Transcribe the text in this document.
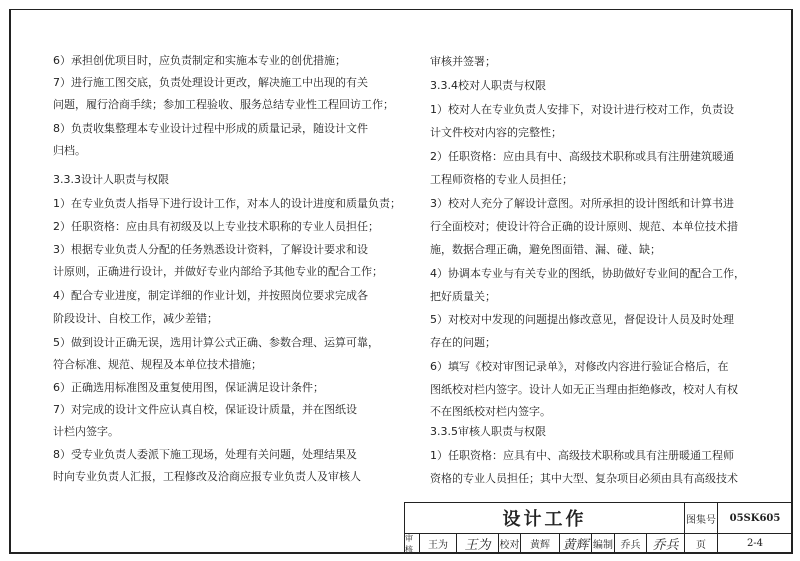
6）承担创优项目时，应负责制定和实施本专业的创优措施；
7）进行施工图交底，负责处理设计更改，解决施工中出现的有关
问题，履行洽商手续；参加工程验收、服务总结专业性工程回访工作；
8）负责收集整理本专业设计过程中形成的质量记录，随设计文件
归档。
3.3.3设计人职责与权限
1）在专业负责人指导下进行设计工作，对本人的设计进度和质量负责；
2）任职资格：应由具有初级及以上专业技术职称的专业人员担任；
3）根据专业负责人分配的任务熟悉设计资料，了解设计要求和设
计原则，正确进行设计，并做好专业内部给予其他专业的配合工作；
4）配合专业进度，制定详细的作业计划，并按照岗位要求完成各
阶段设计、自校工作，减少差错；
5）做到设计正确无误，选用计算公式正确、参数合理、运算可靠，
符合标准、规范、规程及本单位技术措施；
6）正确选用标准图及重复使用图，保证满足设计条件；
7）对完成的设计文件应认真自校，保证设计质量，并在图纸设
计栏内签字。
8）受专业负责人委派下施工现场，处理有关问题，处理结果及
时向专业负责人汇报，工程修改及洽商应报专业负责人及审核人
审核并签署；
3.3.4校对人职责与权限
1）校对人在专业负责人安排下，对设计进行校对工作，负责设
计文件校对内容的完整性；
2）任职资格：应由具有中、高级技术职称或具有注册建筑暖通
工程师资格的专业人员担任；
3）校对人充分了解设计意图。对所承担的设计图纸和计算书进
行全面校对；使设计符合正确的设计原则、规范、本单位技术措
施，数据合理正确，避免图面错、漏、碰、缺；
4）协调本专业与有关专业的图纸，协助做好专业间的配合工作，
把好质量关；
5）对校对中发现的问题提出修改意见，督促设计人员及时处理
存在的问题；
6）填写《校对审图记录单》，对修改内容进行验证合格后，在
图纸校对栏内签字。设计人如无正当理由拒绝修改，校对人有权
不在图纸校对栏内签字。
3.3.5审核人职责与权限
1）任职资格：应具有中、高级技术职称或具有注册暖通工程师
资格的专业人员担任；其中大型、复杂项目必须由具有高级技术
设计工作	图集号	05SK605
审核	王为	王为 校对	黄辉 黄辉 编制 乔兵 乔兵	页	2-4
